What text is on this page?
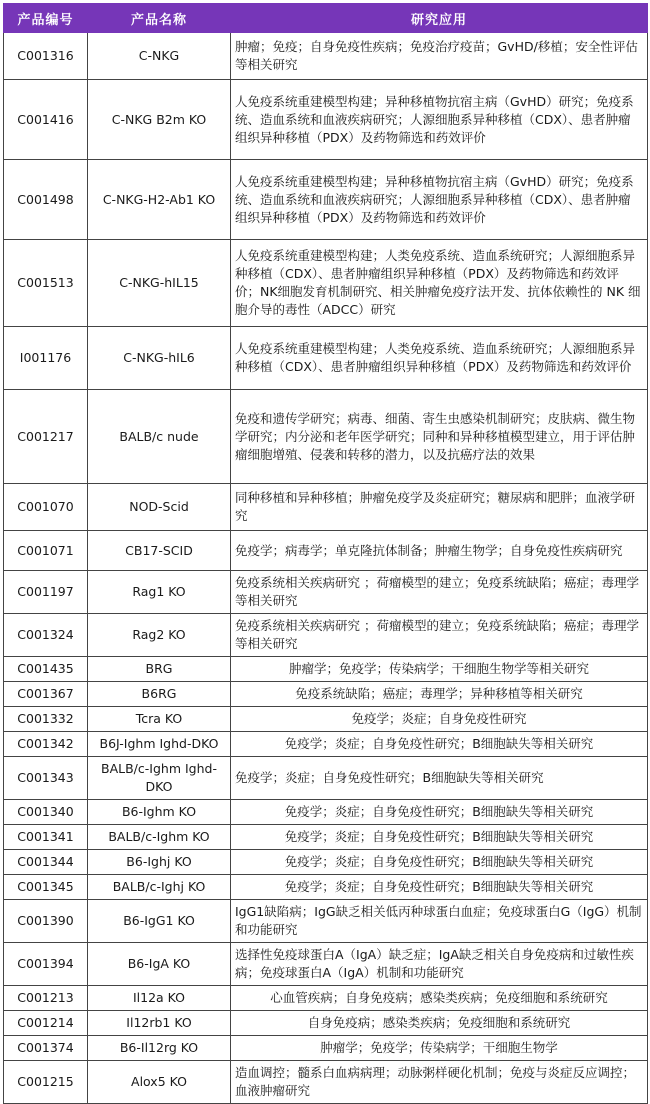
产品编号	产品名称	研究应用
C001316	C-NKG	肿瘤；免疫；自身免疫性疾病；免疫治疗疫苗；GvHD/移植；安全性评估等相关研究
C001416	C-NKG B2m KO	人免疫系统重建模型构建；异种移植物抗宿主病（GvHD）研究；免疫系统、造血系统和血液疾病研究；人源细胞系异种移植（CDX）、患者肿瘤组织异种移植（PDX）及药物筛选和药效评价
C001498	C-NKG-H2-Ab1 KO	人免疫系统重建模型构建；异种移植物抗宿主病（GvHD）研究；免疫系统、造血系统和血液疾病研究；人源细胞系异种移植（CDX）、患者肿瘤组织异种移植（PDX）及药物筛选和药效评价
C001513	C-NKG-hIL15	人免疫系统重建模型构建；人类免疫系统、造血系统研究；人源细胞系异种移植（CDX）、患者肿瘤组织异种移植（PDX）及药物筛选和药效评价；NK细胞发育机制研究、相关肿瘤免疫疗法开发、抗体依赖性的 NK 细胞介导的毒性（ADCC）研究
I001176	C-NKG-hIL6	人免疫系统重建模型构建；人类免疫系统、造血系统研究；人源细胞系异种移植（CDX）、患者肿瘤组织异种移植（PDX）及药物筛选和药效评价
C001217	BALB/c nude	免疫和遗传学研究；病毒、细菌、寄生虫感染机制研究；皮肤病、微生物学研究；内分泌和老年医学研究；同种和异种移植模型建立，用于评估肿瘤细胞增殖、侵袭和转移的潜力，以及抗癌疗法的效果
C001070	NOD-Scid	同种移植和异种移植；肿瘤免疫学及炎症研究；糖尿病和肥胖；血液学研究
C001071	CB17-SCID	免疫学；病毒学；单克隆抗体制备；肿瘤生物学；自身免疫性疾病研究
C001197	Rag1 KO	免疫系统相关疾病研究 ；荷瘤模型的建立；免疫系统缺陷；癌症；毒理学等相关研究
C001324	Rag2 KO	免疫系统相关疾病研究 ；荷瘤模型的建立；免疫系统缺陷；癌症；毒理学等相关研究
C001435	BRG	肿瘤学；免疫学；传染病学；干细胞生物学等相关研究
C001367	B6RG	免疫系统缺陷；癌症；毒理学；异种移植等相关研究
C001332	Tcra KO	免疫学；炎症；自身免疫性研究
C001342	B6J-Ighm Ighd-DKO	免疫学；炎症；自身免疫性研究；B细胞缺失等相关研究
C001343	BALB/c-Ighm Ighd-DKO	免疫学；炎症；自身免疫性研究；B细胞缺失等相关研究
C001340	B6-Ighm KO	免疫学；炎症；自身免疫性研究；B细胞缺失等相关研究
C001341	BALB/c-Ighm KO	免疫学；炎症；自身免疫性研究；B细胞缺失等相关研究
C001344	B6-Ighj KO	免疫学；炎症；自身免疫性研究；B细胞缺失等相关研究
C001345	BALB/c-Ighj KO	免疫学；炎症；自身免疫性研究；B细胞缺失等相关研究
C001390	B6-IgG1 KO	IgG1缺陷病；IgG缺乏相关低丙种球蛋白血症；免疫球蛋白G（IgG）机制和功能研究
C001394	B6-IgA KO	选择性免疫球蛋白A（IgA）缺乏症；IgA缺乏相关自身免疫病和过敏性疾病；免疫球蛋白A（IgA）机制和功能研究
C001213	Il12a KO	心血管疾病；自身免疫病；感染类疾病；免疫细胞和系统研究
C001214	Il12rb1 KO	自身免疫病；感染类疾病；免疫细胞和系统研究
C001374	B6-Il12rg KO	肿瘤学；免疫学；传染病学；干细胞生物学
C001215	Alox5 KO	造血调控；髓系白血病病理；动脉粥样硬化机制；免疫与炎症反应调控；血液肿瘤研究
